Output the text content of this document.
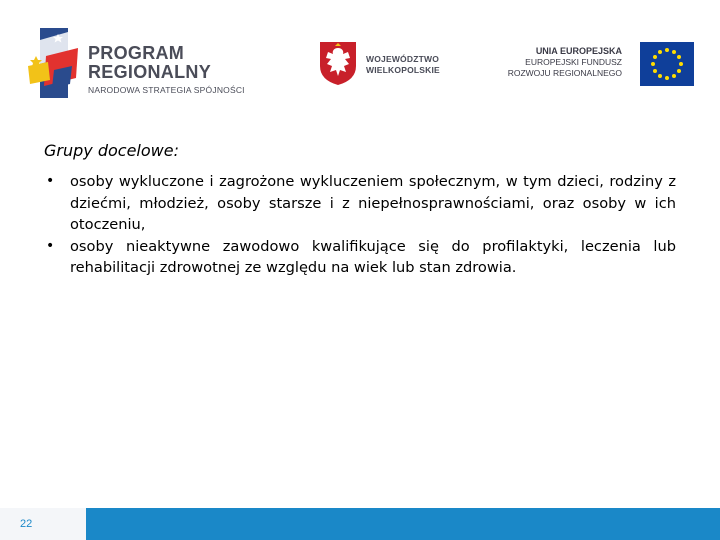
PROGRAM
REGIONALNY
NARODOWA STRATEGIA SPÓJNOŚCI
WOJEWÓDZTWO
WIELKOPOLSKIE
UNIA EUROPEJSKA
EUROPEJSKI FUNDUSZ
ROZWOJU REGIONALNEGO
Grupy docelowe:
• osoby wykluczone i zagrożone wykluczeniem społecznym, w tym dzieci, rodziny z dziećmi, młodzież, osoby starsze i z niepełnosprawnościami, oraz osoby w ich otoczeniu,
• osoby nieaktywne zawodowo kwalifikujące się do profilaktyki, leczenia lub rehabilitacji zdrowotnej ze względu na wiek lub stan zdrowia.
22
